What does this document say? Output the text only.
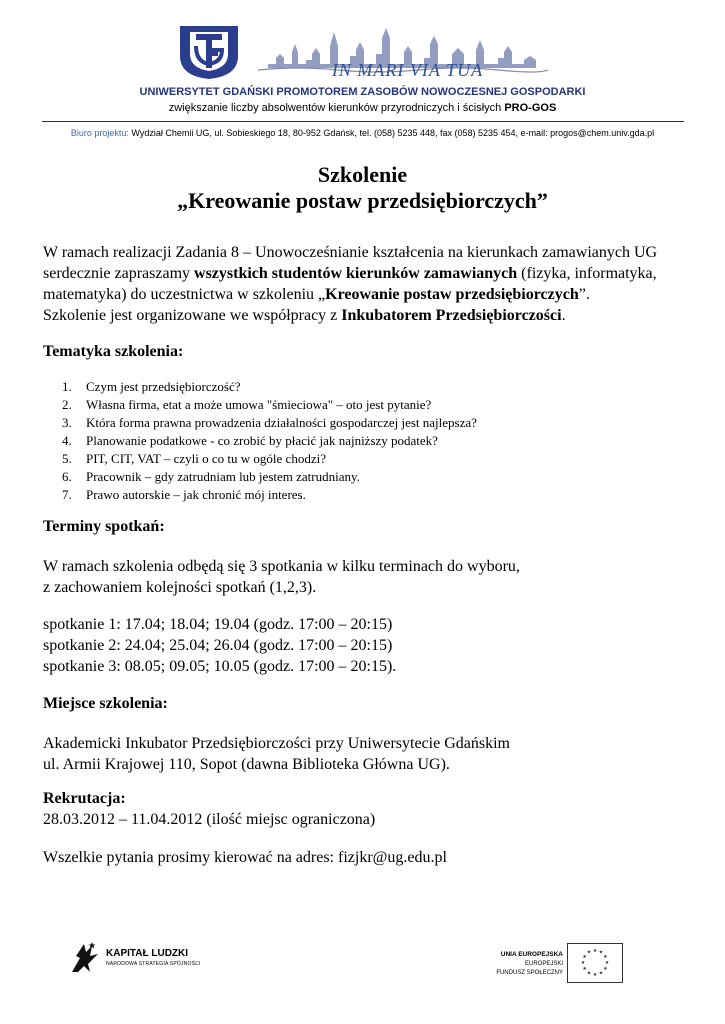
IN MARI VIA TUA
UNIWERSYTET GDAŃSKI PROMOTOREM ZASOBÓW NOWOCZESNEJ GOSPODARKI
zwiększanie liczby absolwentów kierunków przyrodniczych i ścisłych PRO-GOS
Biuro projektu: Wydział Chemii UG, ul. Sobieskiego 18, 80-952 Gdańsk, tel. (058) 5235 448, fax (058) 5235 454, e-mail: progos@chem.univ.gda.pl
Szkolenie
„Kreowanie postaw przedsiębiorczych”
W ramach realizacji Zadania 8 – Unowocześnianie kształcenia na kierunkach zamawianych UG
serdecznie zapraszamy wszystkich studentów kierunków zamawianych (fizyka, informatyka,
matematyka) do uczestnictwa w szkoleniu „Kreowanie postaw przedsiębiorczych”.
Szkolenie jest organizowane we współpracy z Inkubatorem Przedsiębiorczości.
Tematyka szkolenia:
1. Czym jest przedsiębiorczość?
2. Własna firma, etat a może umowa "śmieciowa" – oto jest pytanie?
3. Która forma prawna prowadzenia działalności gospodarczej jest najlepsza?
4. Planowanie podatkowe - co zrobić by płacić jak najniższy podatek?
5. PIT, CIT, VAT – czyli o co tu w ogóle chodzi?
6. Pracownik – gdy zatrudniam lub jestem zatrudniany.
7. Prawo autorskie – jak chronić mój interes.
Terminy spotkań:
W ramach szkolenia odbędą się 3 spotkania w kilku terminach do wyboru,
z zachowaniem kolejności spotkań (1,2,3).
spotkanie 1: 17.04; 18.04; 19.04 (godz. 17:00 – 20:15)
spotkanie 2: 24.04; 25.04; 26.04 (godz. 17:00 – 20:15)
spotkanie 3: 08.05; 09.05; 10.05 (godz. 17:00 – 20:15).
Miejsce szkolenia:
Akademicki Inkubator Przedsiębiorczości przy Uniwersytecie Gdańskim
ul. Armii Krajowej 110, Sopot (dawna Biblioteka Główna UG).
Rekrutacja:
28.03.2012 – 11.04.2012 (ilość miejsc ograniczona)
Wszelkie pytania prosimy kierować na adres: fizjkr@ug.edu.pl
KAPITAŁ LUDZKI
NARODOWA STRATEGIA SPÓJNOŚCI
UNIA EUROPEJSKA
EUROPEJSKI
FUNDUSZ SPOŁECZNY
★ ★
★
★
★
★
★
★
★
★
★
★
